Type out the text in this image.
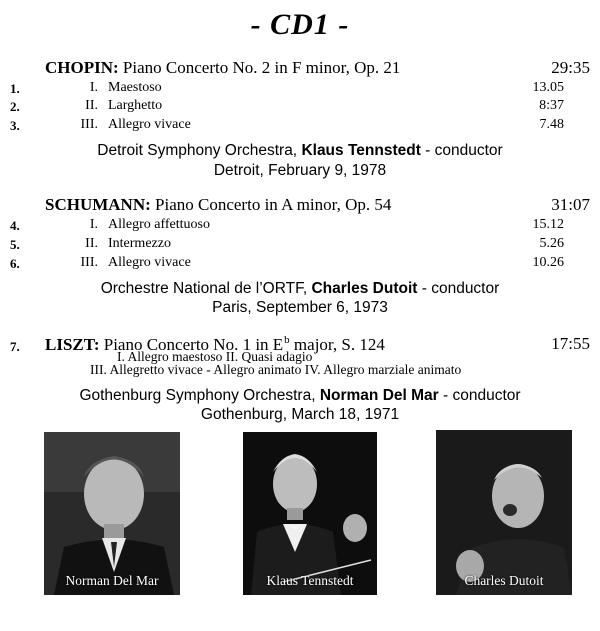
- CD1 -
CHOPIN: Piano Concerto No. 2 in F minor, Op. 21	29:35
1.	I. Maestoso	13.05
2.	II. Larghetto	8:37
3.	III. Allegro vivace	7.48
Detroit Symphony Orchestra, Klaus Tennstedt - conductor
Detroit, February 9, 1978
SCHUMANN: Piano Concerto in A minor, Op. 54	31:07
4.	I. Allegro affettuoso	15.12
5.	II. Intermezzo	5.26
6.	III. Allegro vivace	10.26
Orchestre National de l’ORTF, Charles Dutoit - conductor
Paris, September 6, 1973
7. LISZT: Piano Concerto No. 1 in $E^b$ major, S. 124	17:55
I. Allegro maestoso II. Quasi adagio
III. Allegretto vivace - Allegro animato IV. Allegro marziale animato
Gothenburg Symphony Orchestra, Norman Del Mar - conductor
Gothenburg, March 18, 1971
Norman Del Mar	Klaus Tennstedt	Charles Dutoit
